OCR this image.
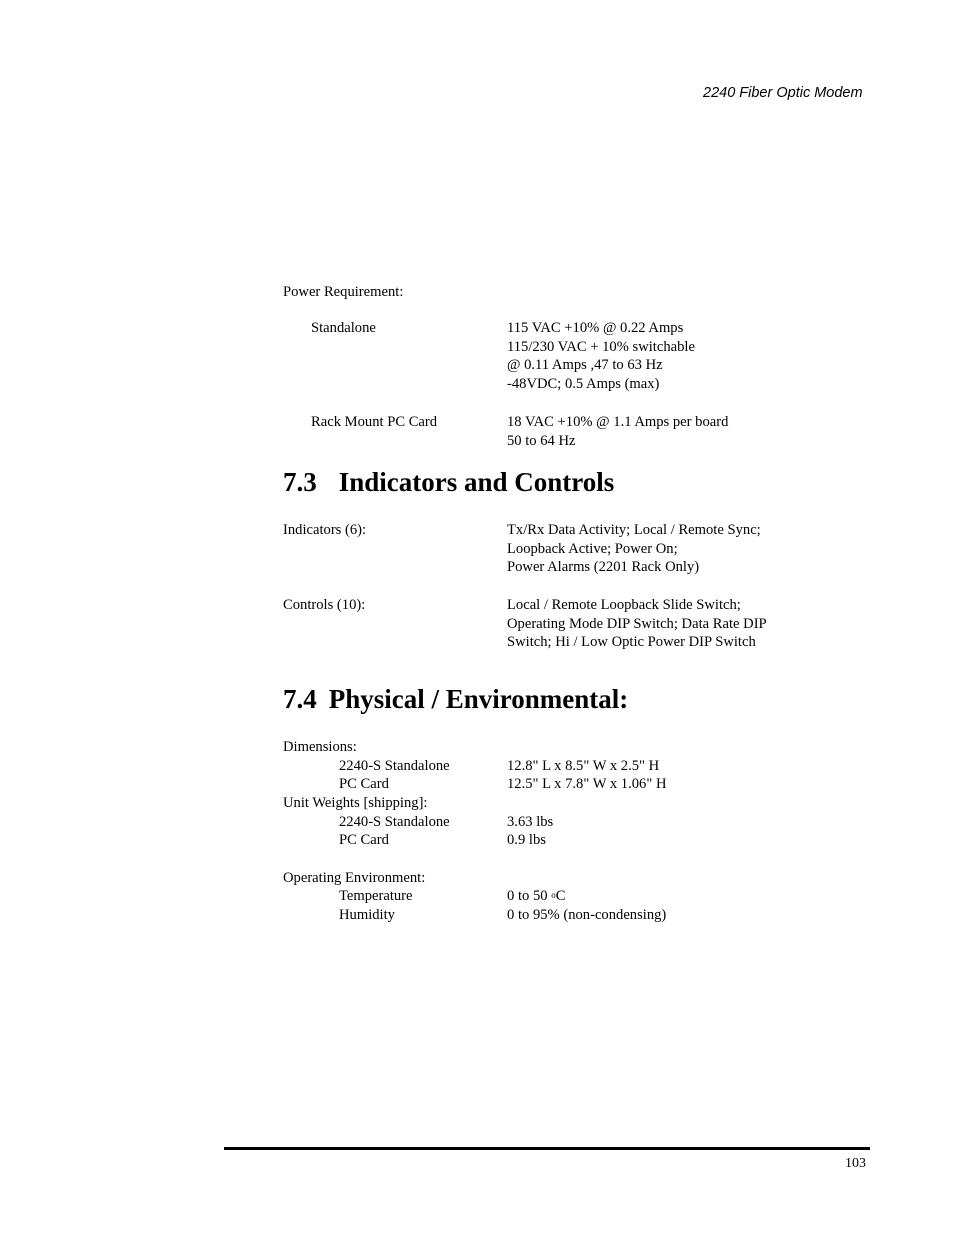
2240 Fiber Optic Modem
Power Requirement:
Standalone	115 VAC +10% @ 0.22 Amps
115/230 VAC + 10% switchable
@ 0.11 Amps ,47 to 63 Hz
-48VDC; 0.5 Amps (max)
Rack Mount PC Card	18 VAC +10% @ 1.1 Amps per board
50 to 64 Hz
7.3 Indicators and Controls
Indicators (6):	Tx/Rx Data Activity; Local / Remote Sync;
Loopback Active; Power On;
Power Alarms (2201 Rack Only)
Controls (10):	Local / Remote Loopback Slide Switch;
Operating Mode DIP Switch; Data Rate DIP
Switch; Hi / Low Optic Power DIP Switch
7.4 Physical / Environmental:
Dimensions:
2240-S Standalone	12.8" L x 8.5" W x 2.5" H
PC Card	12.5" L x 7.8" W x 1.06" H
Unit Weights [shipping]:
2240-S Standalone	3.63 lbs
PC Card	0.9 lbs
Operating Environment:
Temperature	0 to 50 $^o$C
Humidity	0 to 95% (non-condensing)
103
